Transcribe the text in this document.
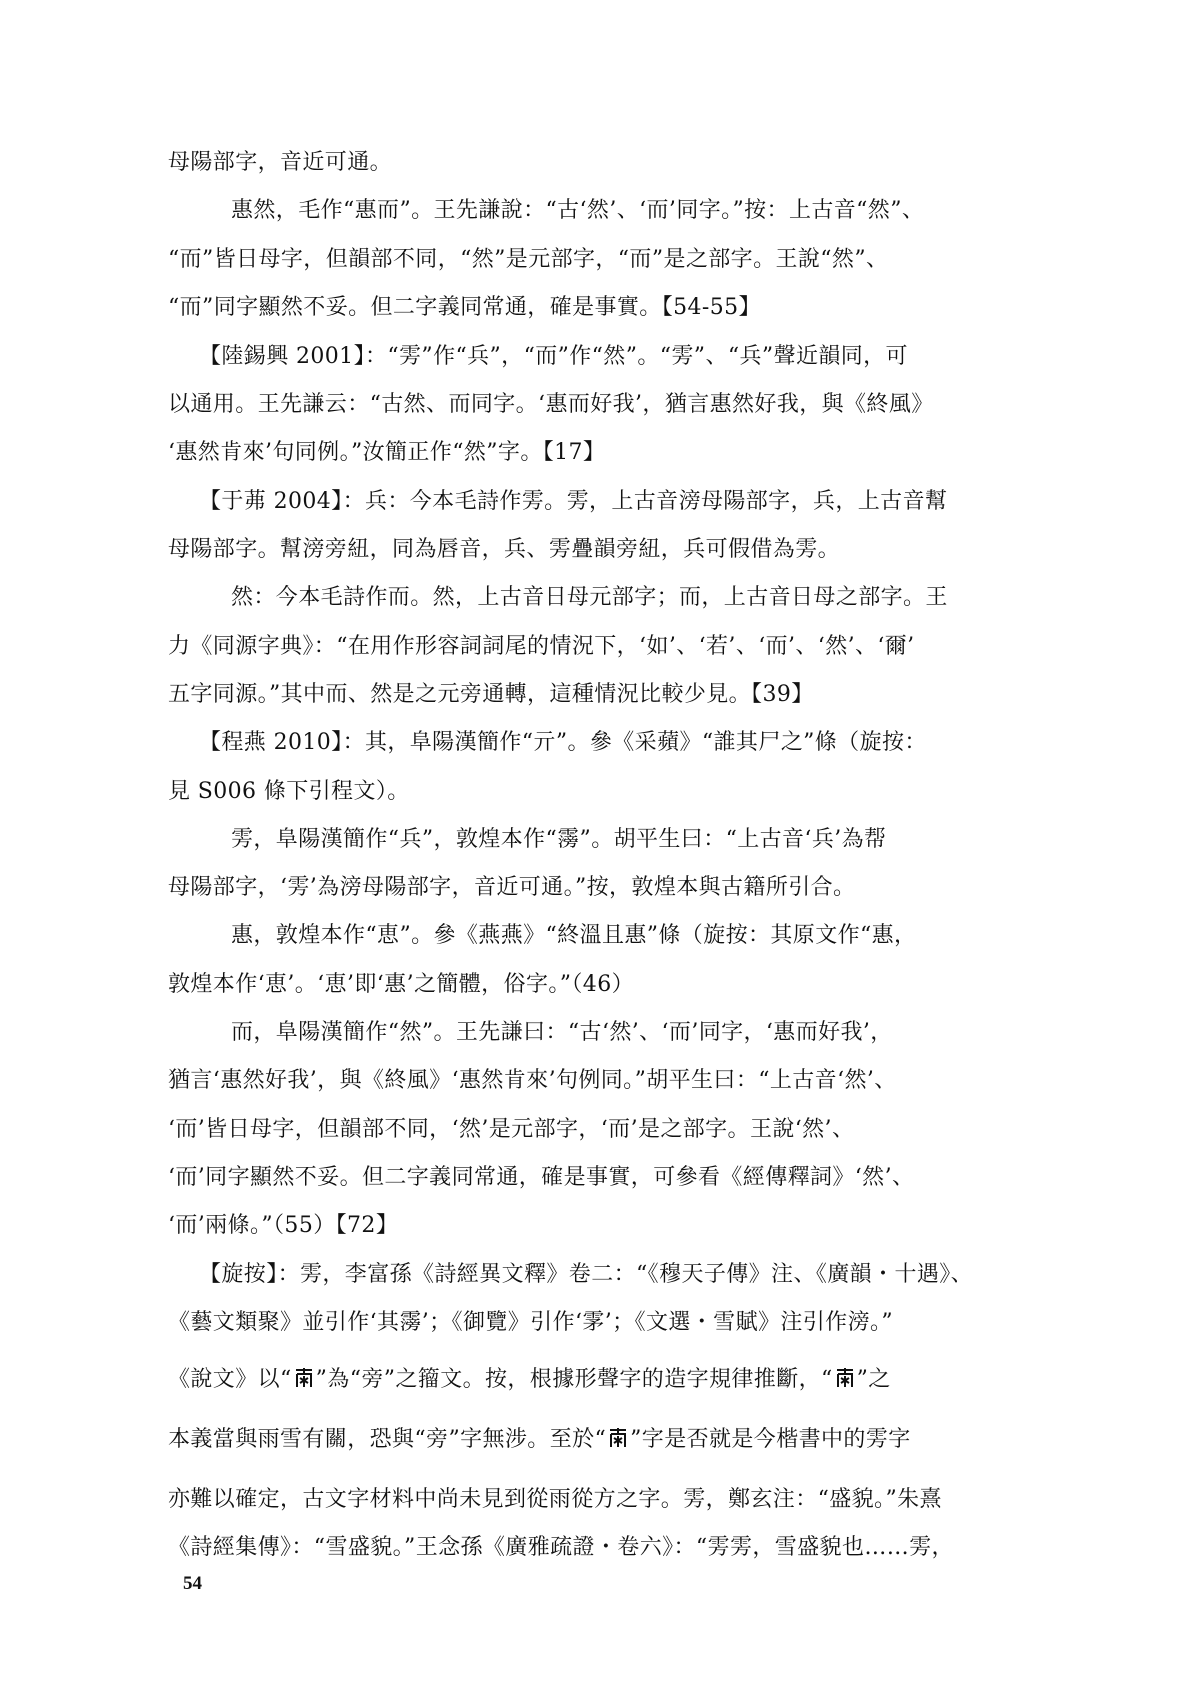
母陽部字，音近可通。
惠然，毛作“惠而”。王先謙說：“古‘然’、‘而’同字。”按：上古音“然”、
“而”皆日母字，但韻部不同，“然”是元部字，“而”是之部字。王說“然”、
“而”同字顯然不妥。但二字義同常通，確是事實。【54-55】
【陸錫興 2001】：“雱”作“兵”，“而”作“然”。“雱”、“兵”聲近韻同，可
以通用。王先謙云：“古然、而同字。‘惠而好我’，猶言惠然好我，與《終風》
‘惠然肯來’句同例。”汝簡正作“然”字。【17】
【于茀 2004】：兵：今本毛詩作雱。雱，上古音滂母陽部字，兵，上古音幫
母陽部字。幫滂旁紐，同為唇音，兵、雱疊韻旁紐，兵可假借為雱。
然：今本毛詩作而。然，上古音日母元部字；而，上古音日母之部字。王
力《同源字典》：“在用作形容詞詞尾的情況下，‘如’、‘若’、‘而’、‘然’、‘爾’
五字同源。”其中而、然是之元旁通轉，這種情況比較少見。【39】
【程燕 2010】：其，阜陽漢簡作“亓”。參《采蘋》“誰其尸之”條（旋按：
見 S006 條下引程文）。
雱，阜陽漢簡作“兵”，敦煌本作“霶”。胡平生曰：“上古音‘兵’為帮
母陽部字，‘雱’為滂母陽部字，音近可通。”按，敦煌本與古籍所引合。
惠，敦煌本作“恵”。參《燕燕》“終溫且惠”條（旋按：其原文作“惠，
敦煌本作‘恵’。‘恵’即‘惠’之簡體，俗字。”（46）
而，阜陽漢簡作“然”。王先謙曰：“古‘然’、‘而’同字，‘惠而好我’，
猶言‘惠然好我’，與《終風》‘惠然肯來’句例同。”胡平生曰：“上古音‘然’、
‘而’皆日母字，但韻部不同，‘然’是元部字，‘而’是之部字。王說‘然’、
‘而’同字顯然不妥。但二字義同常通，確是事實，可參看《經傳釋詞》‘然’、
‘而’兩條。”（55）【72】
【旋按】：雱，李富孫《詩經異文釋》卷二：“《穆天子傳》注、《廣韻・十遇》、
《藝文類聚》並引作‘其霶’；《御覽》引作‘雺’；《文選・雪賦》注引作滂。”
《說文》以“ ”為“旁”之籀文。按，根據形聲字的造字規律推斷，“ ”之
本義當與雨雪有關，恐與“旁”字無涉。至於“ ”字是否就是今楷書中的雱字
亦難以確定，古文字材料中尚未見到從雨從方之字。雱，鄭玄注：“盛貌。”朱熹
《詩經集傳》：“雪盛貌。”王念孫《廣雅疏證・卷六》：“雱雱，雪盛貌也……雱，
54
